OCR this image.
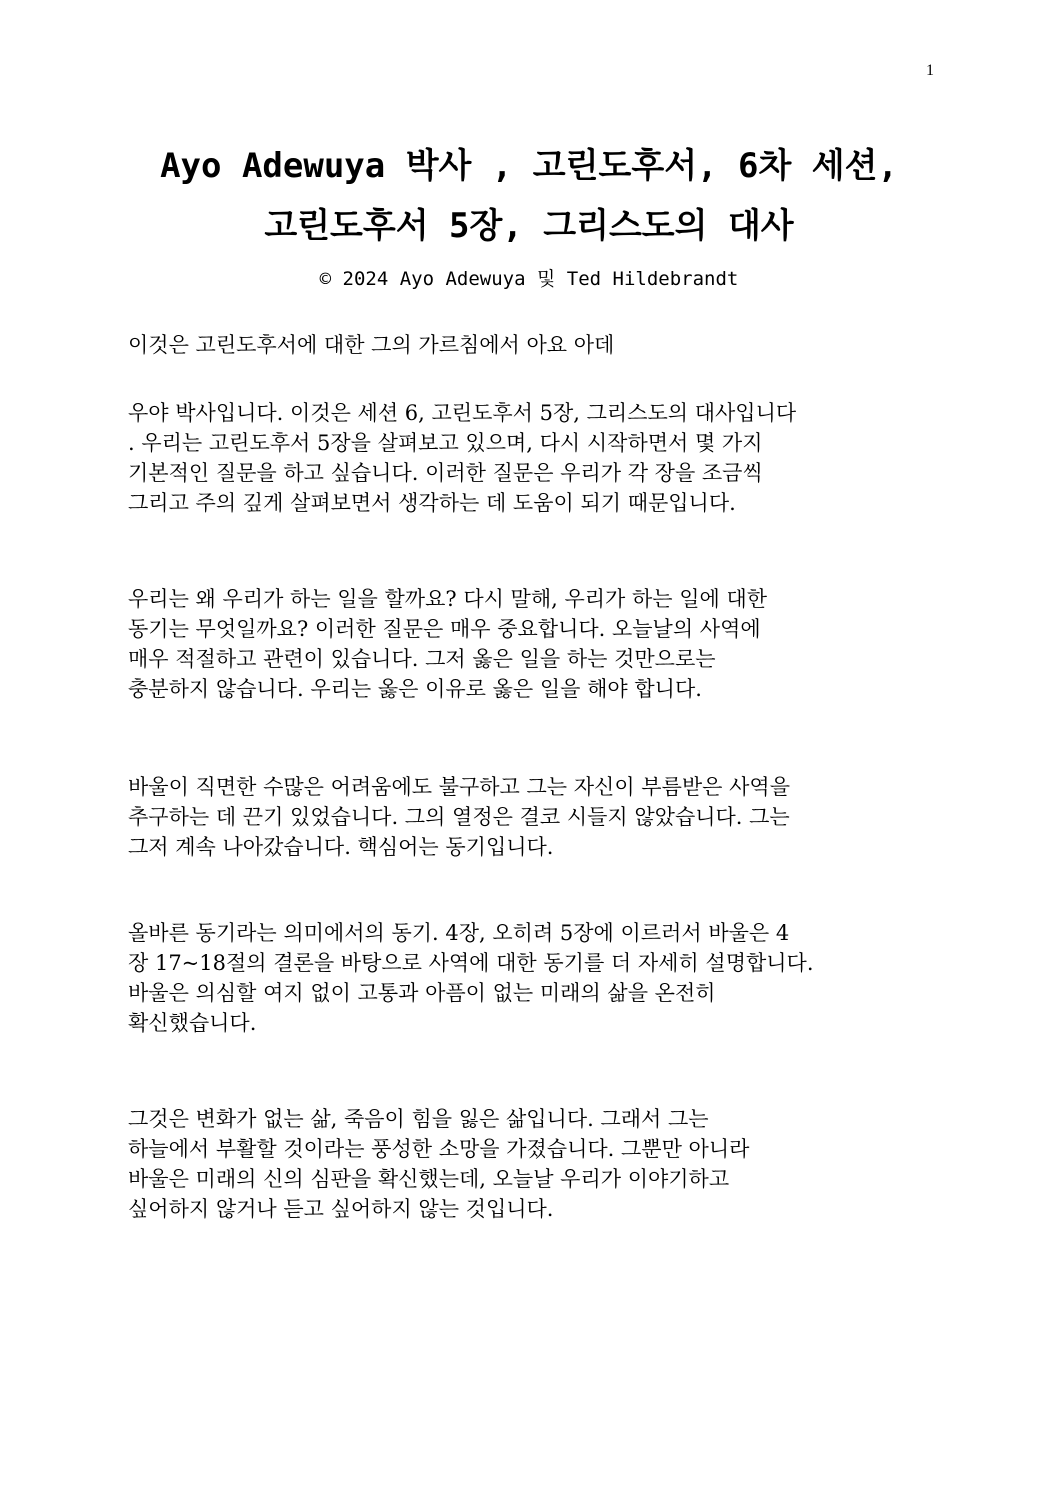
1
Ayo Adewuya 박사 , 고린도후서, 6차 세션,
고린도후서 5장, 그리스도의 대사
© 2024 Ayo Adewuya 및 Ted Hildebrandt
이것은 고린도후서에 대한 그의 가르침에서 아요 아데
우야 박사입니다. 이것은 세션 6, 고린도후서 5장, 그리스도의 대사입니다
. 우리는 고린도후서 5장을 살펴보고 있으며, 다시 시작하면서 몇 가지
기본적인 질문을 하고 싶습니다. 이러한 질문은 우리가 각 장을 조금씩
그리고 주의 깊게 살펴보면서 생각하는 데 도움이 되기 때문입니다.
우리는 왜 우리가 하는 일을 할까요? 다시 말해, 우리가 하는 일에 대한
동기는 무엇일까요? 이러한 질문은 매우 중요합니다. 오늘날의 사역에
매우 적절하고 관련이 있습니다. 그저 옳은 일을 하는 것만으로는
충분하지 않습니다. 우리는 옳은 이유로 옳은 일을 해야 합니다.
바울이 직면한 수많은 어려움에도 불구하고 그는 자신이 부름받은 사역을
추구하는 데 끈기 있었습니다. 그의 열정은 결코 시들지 않았습니다. 그는
그저 계속 나아갔습니다. 핵심어는 동기입니다.
올바른 동기라는 의미에서의 동기. 4장, 오히려 5장에 이르러서 바울은 4
장 17~18절의 결론을 바탕으로 사역에 대한 동기를 더 자세히 설명합니다.
바울은 의심할 여지 없이 고통과 아픔이 없는 미래의 삶을 온전히
확신했습니다.
그것은 변화가 없는 삶, 죽음이 힘을 잃은 삶입니다. 그래서 그는
하늘에서 부활할 것이라는 풍성한 소망을 가졌습니다. 그뿐만 아니라
바울은 미래의 신의 심판을 확신했는데, 오늘날 우리가 이야기하고
싶어하지 않거나 듣고 싶어하지 않는 것입니다.
